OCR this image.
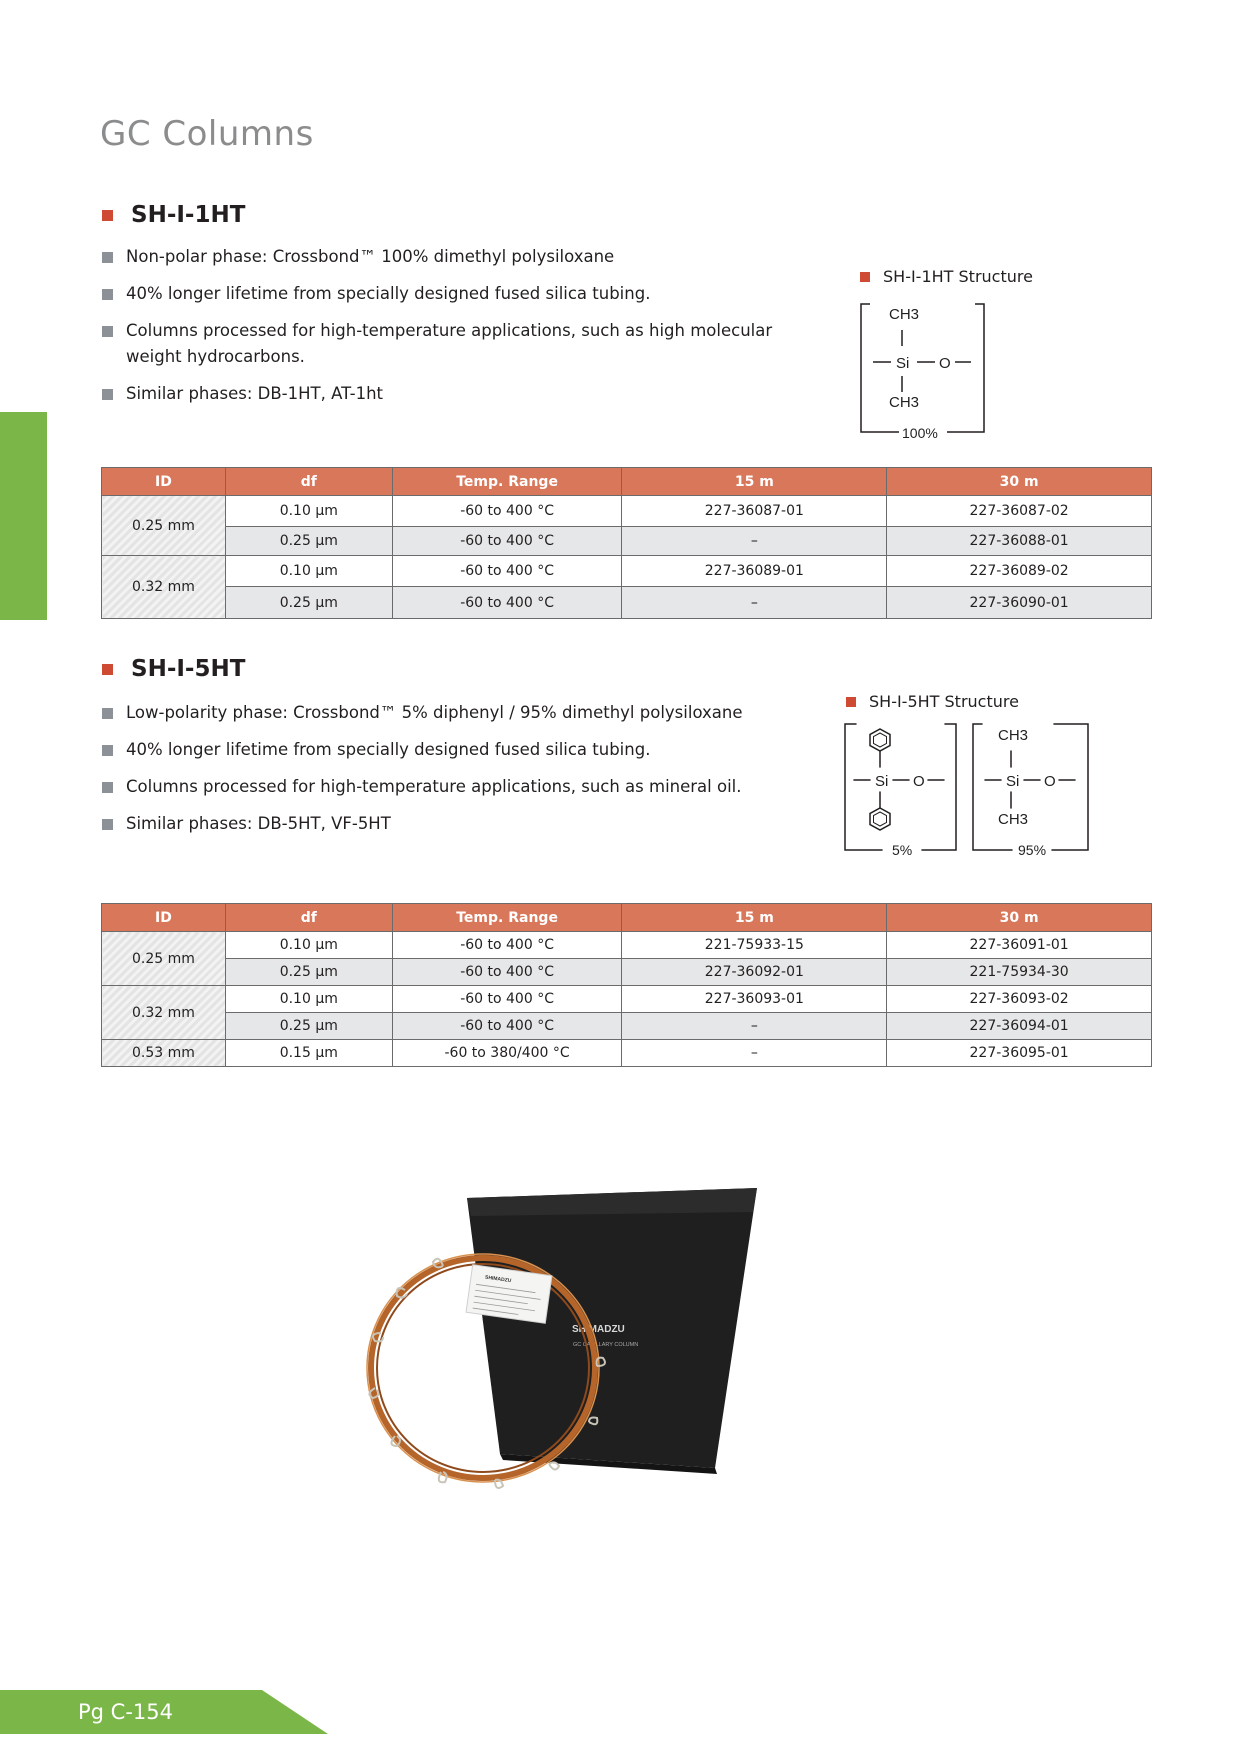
GC Columns
SH-I-1HT
Non-polar phase: Crossbond™ 100% dimethyl polysiloxane
40% longer lifetime from specially designed fused silica tubing.
Columns processed for high-temperature applications, such as high molecular weight hydrocarbons.
Similar phases: DB-1HT, AT-1ht
SH-I-1HT Structure
CH3
Si O
CH3
100%
ID	df	Temp. Range	15 m	30 m
0.25 mm	0.10 µm	-60 to 400 °C	227-36087-01	227-36087-02
	0.25 µm	-60 to 400 °C	–	227-36088-01
0.32 mm	0.10 µm	-60 to 400 °C	227-36089-01	227-36089-02
	0.25 µm	-60 to 400 °C	–	227-36090-01
SH-I-5HT
Low-polarity phase: Crossbond™ 5% diphenyl / 95% dimethyl polysiloxane
40% longer lifetime from specially designed fused silica tubing.
Columns processed for high-temperature applications, such as mineral oil.
Similar phases: DB-5HT, VF-5HT
SH-I-5HT Structure
Si O
5%
CH3
Si O
CH3
95%
ID	df	Temp. Range	15 m	30 m
0.25 mm	0.10 µm	-60 to 400 °C	221-75933-15	227-36091-01
	0.25 µm	-60 to 400 °C	227-36092-01	221-75934-30
0.32 mm	0.10 µm	-60 to 400 °C	227-36093-01	227-36093-02
	0.25 µm	-60 to 400 °C	–	227-36094-01
0.53 mm	0.15 µm	-60 to 380/400 °C	–	227-36095-01
SHIMADZU
GC CAPILLARY COLUMN
SHIMADZU

Pg C-154
